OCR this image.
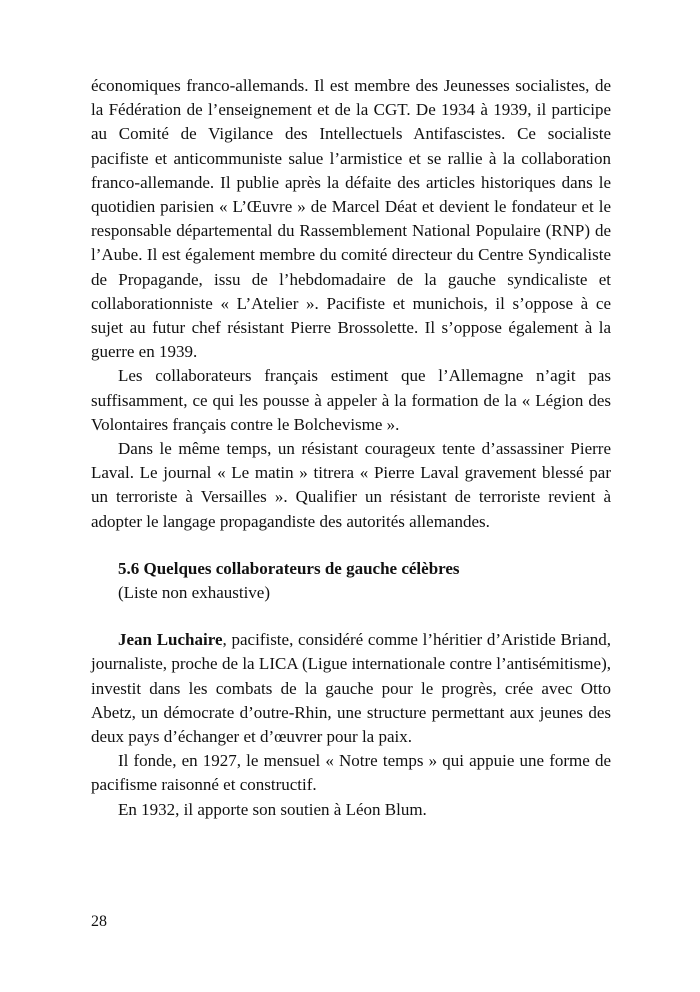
économiques franco-allemands. Il est membre des Jeunesses socialistes, de la Fédération de l’enseignement et de la CGT. De 1934 à 1939, il participe au Comité de Vigilance des Intellectuels Antifascistes. Ce socialiste pacifiste et anticommuniste salue l’armistice et se rallie à la collaboration franco-allemande. Il publie après la défaite des articles historiques dans le quotidien parisien « L’Œuvre » de Marcel Déat et devient le fondateur et le responsable départemental du Rassemblement National Populaire (RNP) de l’Aube. Il est également membre du comité directeur du Centre Syndicaliste de Propagande, issu de l’hebdomadaire de la gauche syndicaliste et collaborationniste « L’Atelier ». Pacifiste et munichois, il s’oppose à ce sujet au futur chef résistant Pierre Brossolette. Il s’oppose également à la guerre en 1939.

Les collaborateurs français estiment que l’Allemagne n’agit pas suffisamment, ce qui les pousse à appeler à la formation de la « Légion des Volontaires français contre le Bolchevisme ».

Dans le même temps, un résistant courageux tente d’assassiner Pierre Laval. Le journal « Le matin » titrera « Pierre Laval gravement blessé par un terroriste à Versailles ». Qualifier un résistant de terroriste revient à adopter le langage propagandiste des autorités allemandes.

5.6 Quelques collaborateurs de gauche célèbres

(Liste non exhaustive)

Jean Luchaire, pacifiste, considéré comme l’héritier d’Aristide Briand, journaliste, proche de la LICA (Ligue internationale contre l’antisémitisme), investit dans les combats de la gauche pour le progrès, crée avec Otto Abetz, un démocrate d’outre-Rhin, une structure permettant aux jeunes des deux pays d’échanger et d’œuvrer pour la paix.

Il fonde, en 1927, le mensuel « Notre temps » qui appuie une forme de pacifisme raisonné et constructif.

En 1932, il apporte son soutien à Léon Blum.

28
